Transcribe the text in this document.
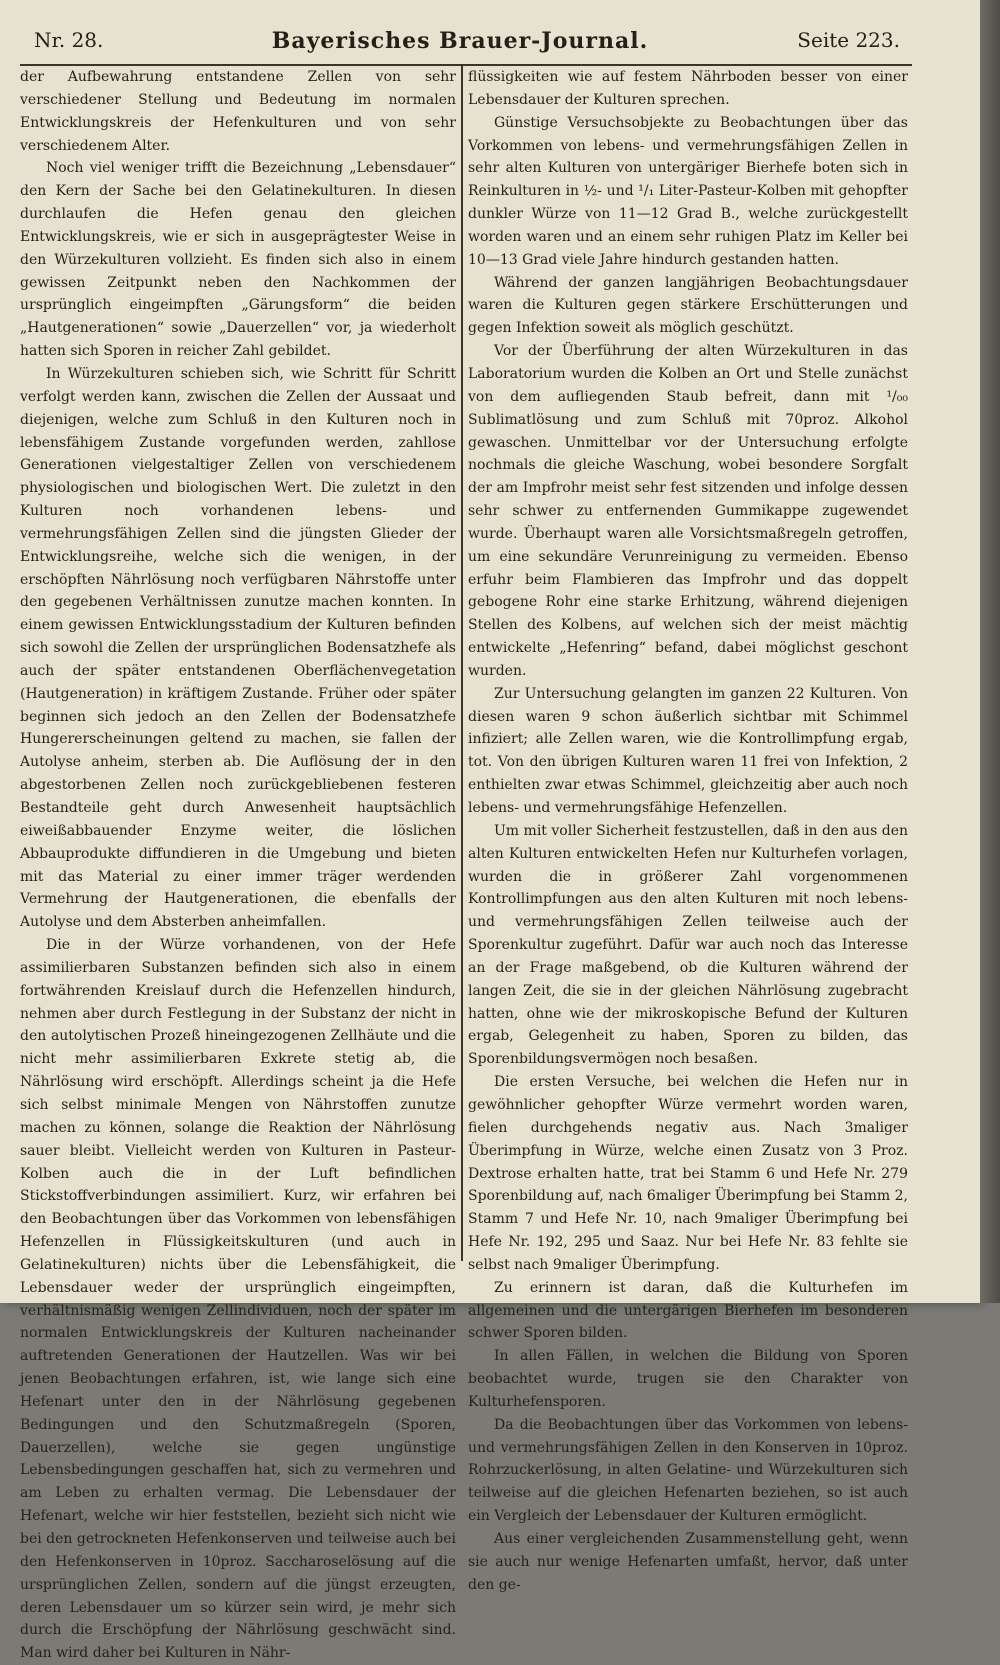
Nr. 28.	Bayerisches Brauer-Journal.	Seite 223.

der Aufbewahrung entstandene Zellen von sehr verschiedener Stellung und Bedeutung im normalen Entwicklungskreis der Hefenkulturen und von sehr verschiedenem Alter.

Noch viel weniger trifft die Bezeichnung „Lebensdauer“ den Kern der Sache bei den Gelatinekulturen. In diesen durchlaufen die Hefen genau den gleichen Entwicklungskreis, wie er sich in ausgeprägtester Weise in den Würzekulturen vollzieht. Es finden sich also in einem gewissen Zeitpunkt neben den Nachkommen der ursprünglich eingeimpften „Gärungsform“ die beiden „Hautgenerationen“ sowie „Dauerzellen“ vor, ja wiederholt hatten sich Sporen in reicher Zahl gebildet.

In Würzekulturen schieben sich, wie Schritt für Schritt verfolgt werden kann, zwischen die Zellen der Aussaat und diejenigen, welche zum Schluß in den Kulturen noch in lebensfähigem Zustande vorgefunden werden, zahllose Generationen vielgestaltiger Zellen von verschiedenem physiologischen und biologischen Wert. Die zuletzt in den Kulturen noch vorhandenen lebens- und vermehrungsfähigen Zellen sind die jüngsten Glieder der Entwicklungsreihe, welche sich die wenigen, in der erschöpften Nährlösung noch verfügbaren Nährstoffe unter den gegebenen Verhältnissen zunutze machen konnten. In einem gewissen Entwicklungsstadium der Kulturen befinden sich sowohl die Zellen der ursprünglichen Bodensatzhefe als auch der später entstandenen Oberflächenvegetation (Hautgeneration) in kräftigem Zustande. Früher oder später beginnen sich jedoch an den Zellen der Bodensatzhefe Hungererscheinungen geltend zu machen, sie fallen der Autolyse anheim, sterben ab. Die Auflösung der in den abgestorbenen Zellen noch zurückgebliebenen festeren Bestandteile geht durch Anwesenheit hauptsächlich eiweißabbauender Enzyme weiter, die löslichen Abbauprodukte diffundieren in die Umgebung und bieten mit das Material zu einer immer träger werdenden Vermehrung der Hautgenerationen, die ebenfalls der Autolyse und dem Absterben anheimfallen.

Die in der Würze vorhandenen, von der Hefe assimilierbaren Substanzen befinden sich also in einem fortwährenden Kreislauf durch die Hefenzellen hindurch, nehmen aber durch Festlegung in der Substanz der nicht in den autolytischen Prozeß hineingezogenen Zellhäute und die nicht mehr assimilierbaren Exkrete stetig ab, die Nährlösung wird erschöpft. Allerdings scheint ja die Hefe sich selbst minimale Mengen von Nährstoffen zunutze machen zu können, solange die Reaktion der Nährlösung sauer bleibt. Vielleicht werden von Kulturen in Pasteur-Kolben auch die in der Luft befindlichen Stickstoffverbindungen assimiliert. Kurz, wir erfahren bei den Beobachtungen über das Vorkommen von lebensfähigen Hefenzellen in Flüssigkeitskulturen (und auch in Gelatinekulturen) nichts über die Lebensfähigkeit, die Lebensdauer weder der ursprünglich eingeimpften, verhältnismäßig wenigen Zellindividuen, noch der später im normalen Entwicklungskreis der Kulturen nacheinander auftretenden Generationen der Hautzellen. Was wir bei jenen Beobachtungen erfahren, ist, wie lange sich eine Hefenart unter den in der Nährlösung gegebenen Bedingungen und den Schutzmaßregeln (Sporen, Dauerzellen), welche sie gegen ungünstige Lebensbedingungen geschaffen hat, sich zu vermehren und am Leben zu erhalten vermag. Die Lebensdauer der Hefenart, welche wir hier feststellen, bezieht sich nicht wie bei den getrockneten Hefenkonserven und teilweise auch bei den Hefenkonserven in 10proz. Saccharoselösung auf die ursprünglichen Zellen, sondern auf die jüngst erzeugten, deren Lebensdauer um so kürzer sein wird, je mehr sich durch die Erschöpfung der Nährlösung geschwächt sind. Man wird daher bei Kulturen in Nähr-

flüssigkeiten wie auf festem Nährboden besser von einer Lebensdauer der Kulturen sprechen.

Günstige Versuchsobjekte zu Beobachtungen über das Vorkommen von lebens- und vermehrungsfähigen Zellen in sehr alten Kulturen von untergäriger Bierhefe boten sich in Reinkulturen in ½- und ¹/₁ Liter-Pasteur-Kolben mit gehopfter dunkler Würze von 11—12 Grad B., welche zurückgestellt worden waren und an einem sehr ruhigen Platz im Keller bei 10—13 Grad viele Jahre hindurch gestanden hatten.

Während der ganzen langjährigen Beobachtungsdauer waren die Kulturen gegen stärkere Erschütterungen und gegen Infektion soweit als möglich geschützt.

Vor der Überführung der alten Würzekulturen in das Laboratorium wurden die Kolben an Ort und Stelle zunächst von dem aufliegenden Staub befreit, dann mit ¹/₀₀ Sublimatlösung und zum Schluß mit 70proz. Alkohol gewaschen. Unmittelbar vor der Untersuchung erfolgte nochmals die gleiche Waschung, wobei besondere Sorgfalt der am Impfrohr meist sehr fest sitzenden und infolge dessen sehr schwer zu entfernenden Gummikappe zugewendet wurde. Überhaupt waren alle Vorsichtsmaßregeln getroffen, um eine sekundäre Verunreinigung zu vermeiden. Ebenso erfuhr beim Flambieren das Impfrohr und das doppelt gebogene Rohr eine starke Erhitzung, während diejenigen Stellen des Kolbens, auf welchen sich der meist mächtig entwickelte „Hefenring“ befand, dabei möglichst geschont wurden.

Zur Untersuchung gelangten im ganzen 22 Kulturen. Von diesen waren 9 schon äußerlich sichtbar mit Schimmel infiziert; alle Zellen waren, wie die Kontrollimpfung ergab, tot. Von den übrigen Kulturen waren 11 frei von Infektion, 2 enthielten zwar etwas Schimmel, gleichzeitig aber auch noch lebens- und vermehrungsfähige Hefenzellen.

Um mit voller Sicherheit festzustellen, daß in den aus den alten Kulturen entwickelten Hefen nur Kulturhefen vorlagen, wurden die in größerer Zahl vorgenommenen Kontrollimpfungen aus den alten Kulturen mit noch lebens- und vermehrungsfähigen Zellen teilweise auch der Sporenkultur zugeführt. Dafür war auch noch das Interesse an der Frage maßgebend, ob die Kulturen während der langen Zeit, die sie in der gleichen Nährlösung zugebracht hatten, ohne wie der mikroskopische Befund der Kulturen ergab, Gelegenheit zu haben, Sporen zu bilden, das Sporenbildungsvermögen noch besaßen.

Die ersten Versuche, bei welchen die Hefen nur in gewöhnlicher gehopfter Würze vermehrt worden waren, fielen durchgehends negativ aus. Nach 3maliger Überimpfung in Würze, welche einen Zusatz von 3 Proz. Dextrose erhalten hatte, trat bei Stamm 6 und Hefe Nr. 279 Sporenbildung auf, nach 6maliger Überimpfung bei Stamm 2, Stamm 7 und Hefe Nr. 10, nach 9maliger Überimpfung bei Hefe Nr. 192, 295 und Saaz. Nur bei Hefe Nr. 83 fehlte sie selbst nach 9maliger Überimpfung.

Zu erinnern ist daran, daß die Kulturhefen im allgemeinen und die untergärigen Bierhefen im besonderen schwer Sporen bilden.

In allen Fällen, in welchen die Bildung von Sporen beobachtet wurde, trugen sie den Charakter von Kulturhefensporen.

Da die Beobachtungen über das Vorkommen von lebens- und vermehrungsfähigen Zellen in den Konserven in 10proz. Rohrzuckerlösung, in alten Gelatine- und Würzekulturen sich teilweise auf die gleichen Hefenarten beziehen, so ist auch ein Vergleich der Lebensdauer der Kulturen ermöglicht.

Aus einer vergleichenden Zusammenstellung geht, wenn sie auch nur wenige Hefenarten umfaßt, hervor, daß unter den ge-
